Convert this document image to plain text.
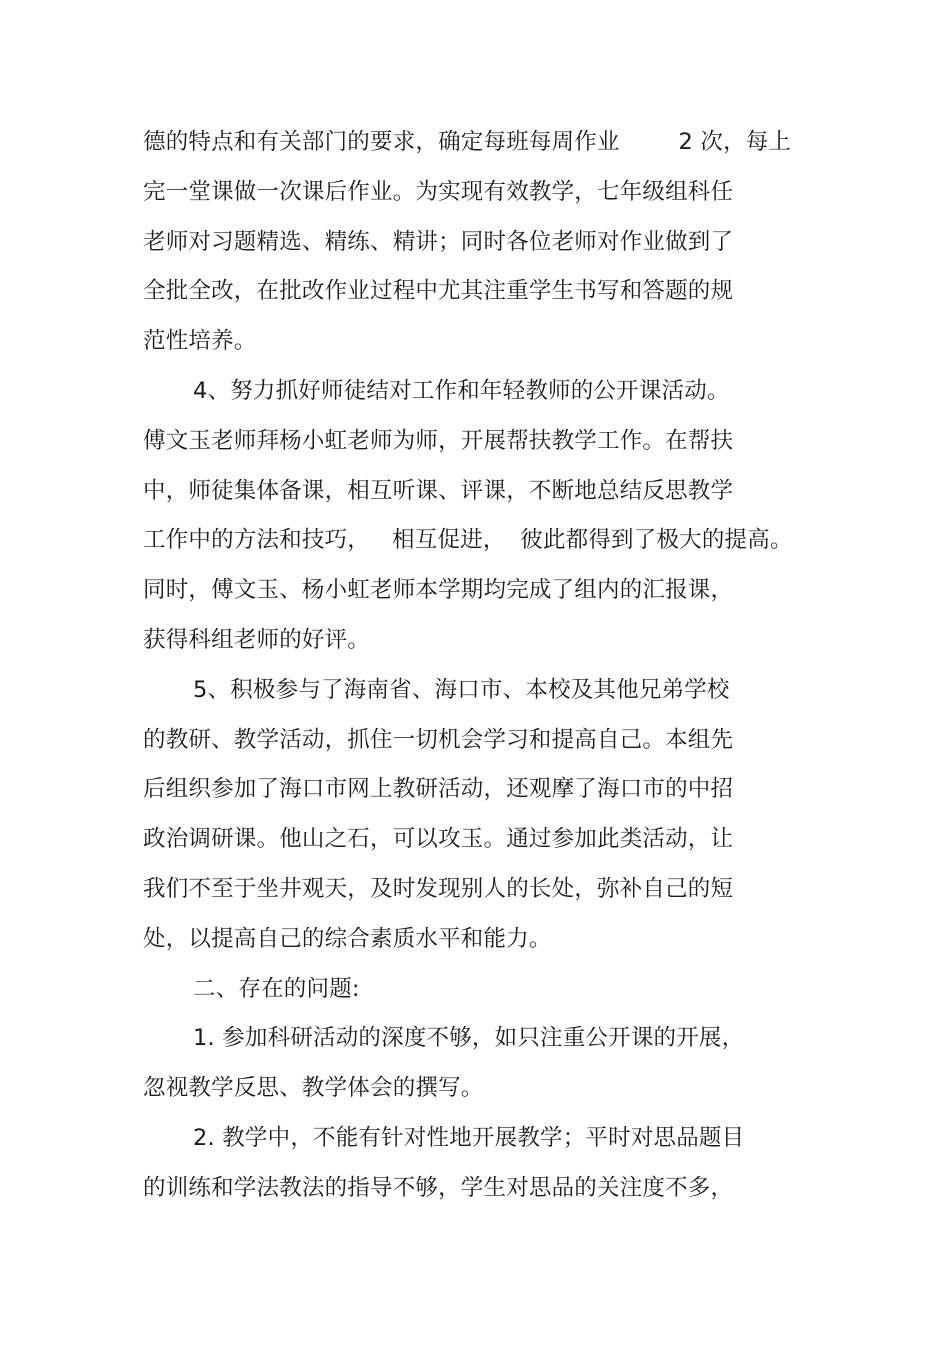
德的特点和有关部门的要求，确定每班每周作业        2 次，每上
完一堂课做一次课后作业。为实现有效教学，七年级组科任
老师对习题精选、精练、精讲；同时各位老师对作业做到了
全批全改，在批改作业过程中尤其注重学生书写和答题的规
范性培养。
4、努力抓好师徒结对工作和年轻教师的公开课活动。
傅文玉老师拜杨小虹老师为师，开展帮扶教学工作。在帮扶
中，师徒集体备课，相互听课、评课，不断地总结反思教学
工作中的方法和技巧，   相互促进，  彼此都得到了极大的提高。
同时，傅文玉、杨小虹老师本学期均完成了组内的汇报课，
获得科组老师的好评。
5、积极参与了海南省、海口市、本校及其他兄弟学校
的教研、教学活动，抓住一切机会学习和提高自己。本组先
后组织参加了海口市网上教研活动，还观摩了海口市的中招
政治调研课。他山之石，可以攻玉。通过参加此类活动，让
我们不至于坐井观天，及时发现别人的长处，弥补自己的短
处，以提高自己的综合素质水平和能力。
二、存在的问题:
1. 参加科研活动的深度不够，如只注重公开课的开展，
忽视教学反思、教学体会的撰写。
2. 教学中，不能有针对性地开展教学；平时对思品题目
的训练和学法教法的指导不够，学生对思品的关注度不多，
